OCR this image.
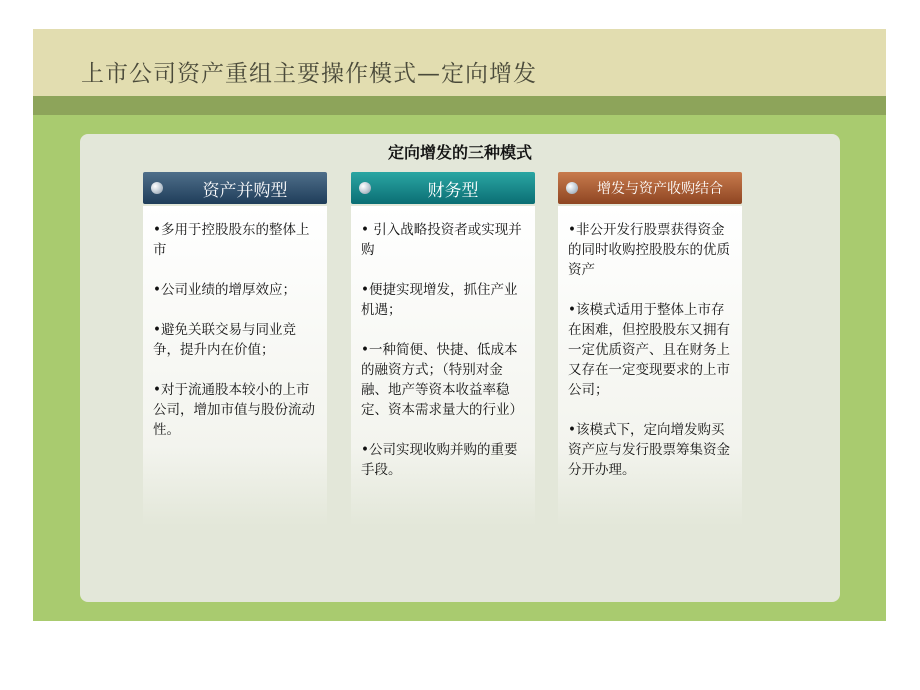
上市公司资产重组主要操作模式—定向增发
定向增发的三种模式
资产并购型

•多用于控股股东的整体上市

•公司业绩的增厚效应；

•避免关联交易与同业竞争，提升内在价值；

•对于流通股本较小的上市公司，增加市值与股份流动性。

财务型

• 引入战略投资者或实现并购

•便捷实现增发，抓住产业机遇；

•一种简便、快捷、低成本的融资方式；（特别对金融、地产等资本收益率稳定、资本需求量大的行业）

•公司实现收购并购的重要手段。

增发与资产收购结合

•非公开发行股票获得资金的同时收购控股股东的优质资产

•该模式适用于整体上市存在困难，但控股股东又拥有一定优质资产、且在财务上又存在一定变现要求的上市公司；

•该模式下，定向增发购买资产应与发行股票筹集资金分开办理。
